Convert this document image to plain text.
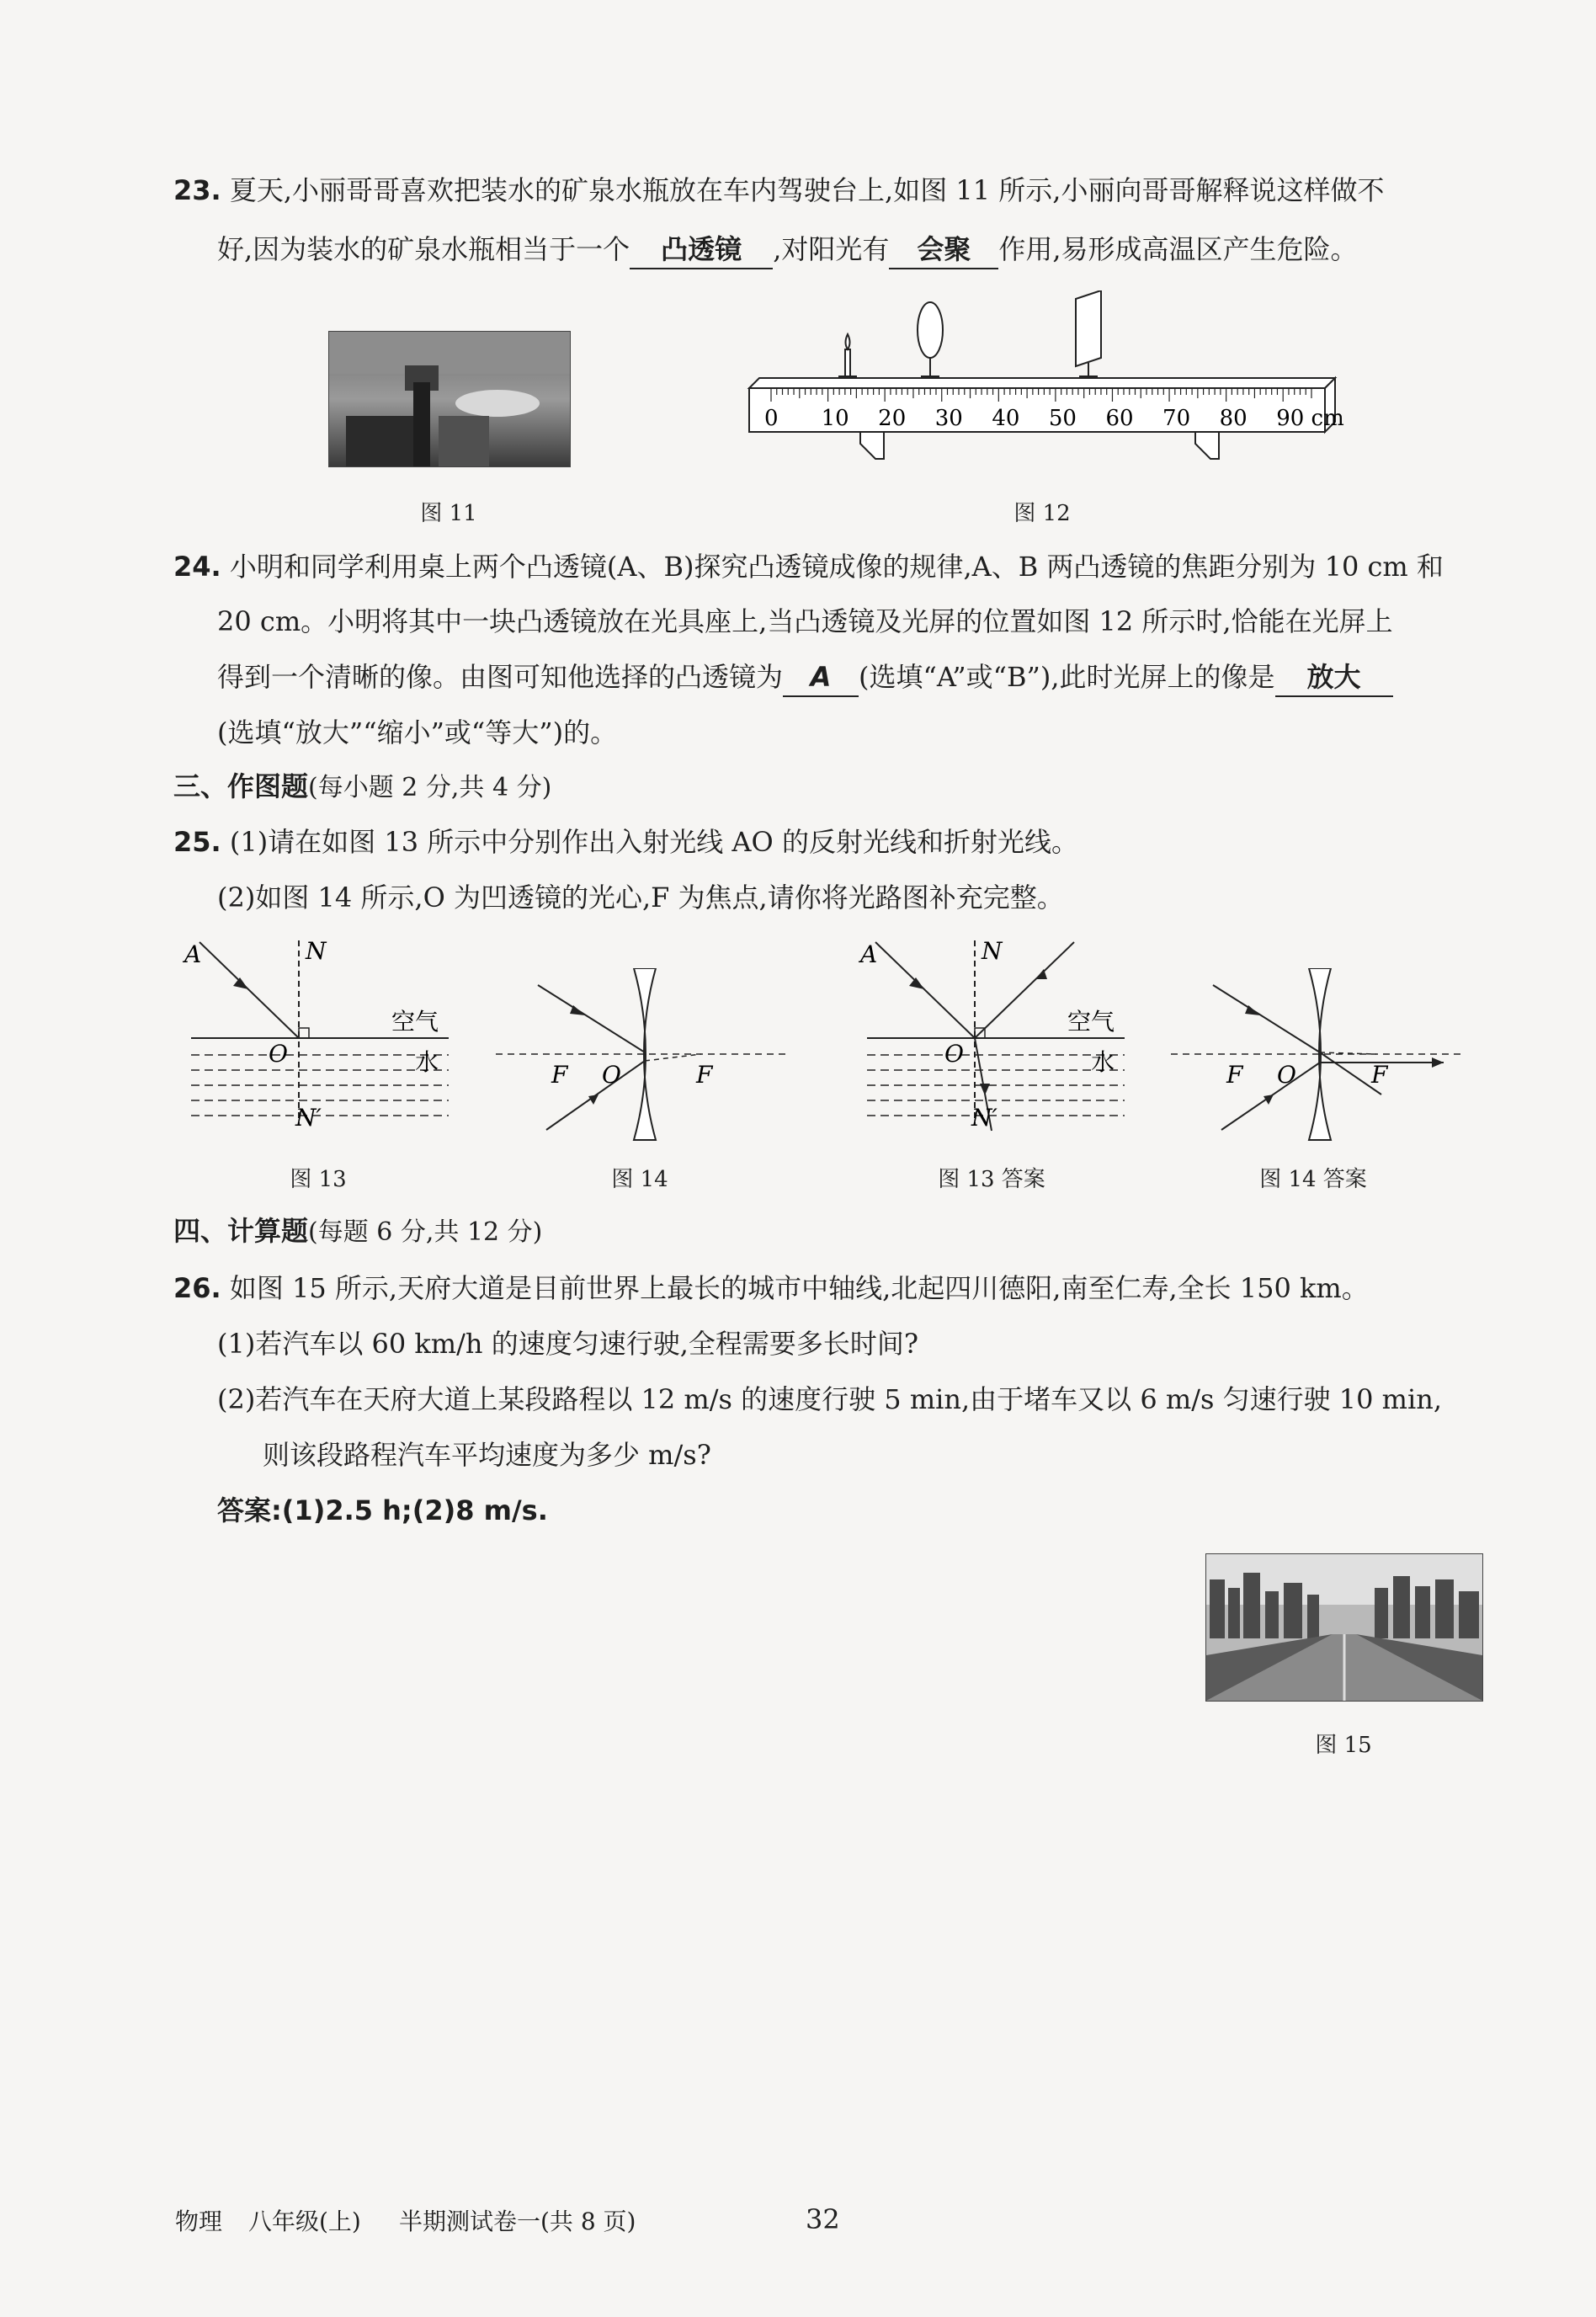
23. 夏天,小丽哥哥喜欢把装水的矿泉水瓶放在车内驾驶台上,如图 11 所示,小丽向哥哥解释说这样做不
好,因为装水的矿泉水瓶相当于一个 凸透镜 ,对阳光有 会聚 作用,易形成高温区产生危险。
图 11
0 10 20 30 40 50 60 70 80 90 cm
图 12
24. 小明和同学利用桌上两个凸透镜(A、B)探究凸透镜成像的规律,A、B 两凸透镜的焦距分别为 10 cm 和
20 cm。小明将其中一块凸透镜放在光具座上,当凸透镜及光屏的位置如图 12 所示时,恰能在光屏上
得到一个清晰的像。由图可知他选择的凸透镜为 A (选填“A”或“B”),此时光屏上的像是 放大
(选填“放大”“缩小”或“等大”)的。
三、作图题(每小题 2 分,共 4 分)
25. (1)请在如图 13 所示中分别作出入射光线 AO 的反射光线和折射光线。
(2)如图 14 所示,O 为凹透镜的光心,F 为焦点,请你将光路图补充完整。
A	N
O
N′
空气
水
图 13
F O	F
图 14
A	N
O
N′
空气
水
图 13 答案
F O	F
图 14 答案
四、计算题(每题 6 分,共 12 分)
26. 如图 15 所示,天府大道是目前世界上最长的城市中轴线,北起四川德阳,南至仁寿,全长 150 km。
(1)若汽车以 60 km/h 的速度匀速行驶,全程需要多长时间?
(2)若汽车在天府大道上某段路程以 12 m/s 的速度行驶 5 min,由于堵车又以 6 m/s 匀速行驶 10 min,
则该段路程汽车平均速度为多少 m/s?
答案:(1)2.5 h;(2)8 m/s.
图 15
物理 八年级(上) 半期测试卷一(共 8 页)	32
